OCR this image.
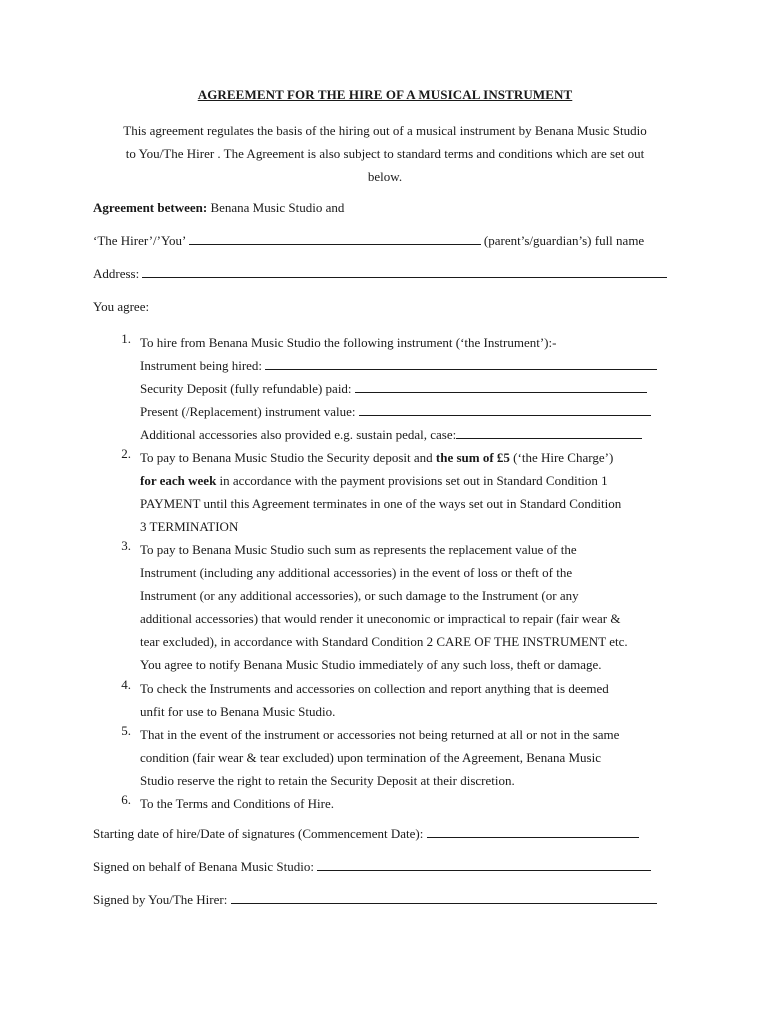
AGREEMENT FOR THE HIRE OF A MUSICAL INSTRUMENT
This agreement regulates the basis of the hiring out of a musical instrument by Benana Music Studio
to You/The Hirer . The Agreement is also subject to standard terms and conditions which are set out
below.
Agreement between: Benana Music Studio and
‘The Hirer’/’You’	(parent’s/guardian’s) full name
Address:
You agree:
1. To hire from Benana Music Studio the following instrument (‘the Instrument’):-
Instrument being hired:
Security Deposit (fully refundable) paid:
Present (/Replacement) instrument value:
Additional accessories also provided e.g. sustain pedal, case:
2. To pay to Benana Music Studio the Security deposit and the sum of £5 (‘the Hire Charge’)
for each week in accordance with the payment provisions set out in Standard Condition 1
PAYMENT until this Agreement terminates in one of the ways set out in Standard Condition
3 TERMINATION
3. To pay to Benana Music Studio such sum as represents the replacement value of the
Instrument (including any additional accessories) in the event of loss or theft of the
Instrument (or any additional accessories), or such damage to the Instrument (or any
additional accessories) that would render it uneconomic or impractical to repair (fair wear &
tear excluded), in accordance with Standard Condition 2 CARE OF THE INSTRUMENT etc.
You agree to notify Benana Music Studio immediately of any such loss, theft or damage.
4. To check the Instruments and accessories on collection and report anything that is deemed
unfit for use to Benana Music Studio.
5. That in the event of the instrument or accessories not being returned at all or not in the same
condition (fair wear & tear excluded) upon termination of the Agreement, Benana Music
Studio reserve the right to retain the Security Deposit at their discretion.
6. To the Terms and Conditions of Hire.
Starting date of hire/Date of signatures (Commencement Date):
Signed on behalf of Benana Music Studio:
Signed by You/The Hirer:
